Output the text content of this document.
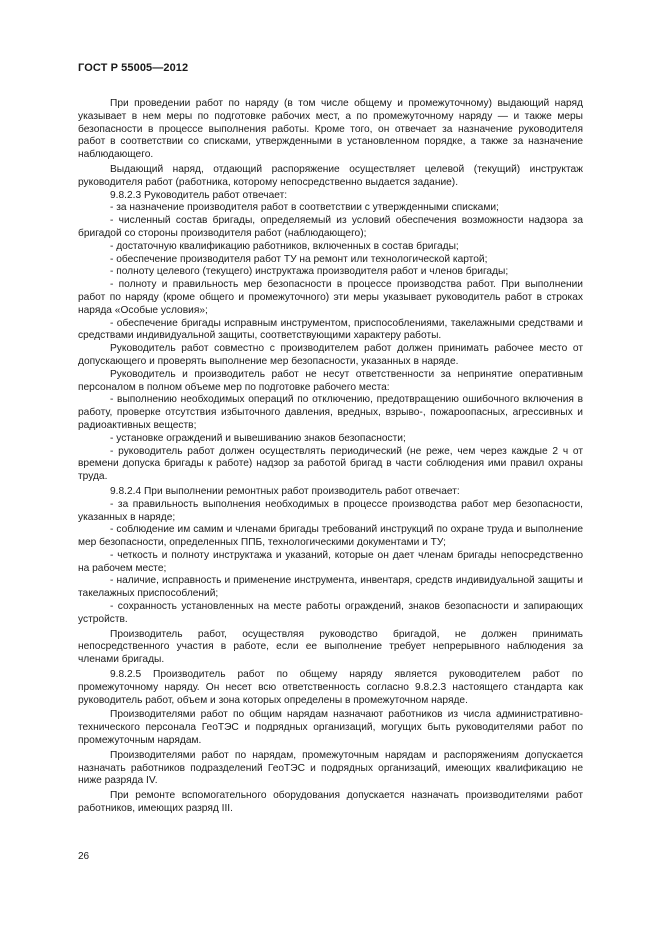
ГОСТ Р 55005—2012

При проведении работ по наряду (в том числе общему и промежуточному) выдающий наряд указывает в нем меры по подготовке рабочих мест, а по промежуточному наряду — и также меры безопасности в процессе выполнения работы. Кроме того, он отвечает за назначение руководителя работ в соответствии со списками, утвержденными в установленном порядке, а также за назначение наблюдающего.

Выдающий наряд, отдающий распоряжение осуществляет целевой (текущий) инструктаж руководителя работ (работника, которому непосредственно выдается задание).

9.8.2.3 Руководитель работ отвечает:

- за назначение производителя работ в соответствии с утвержденными списками;

- численный состав бригады, определяемый из условий обеспечения возможности надзора за бригадой со стороны производителя работ (наблюдающего);

- достаточную квалификацию работников, включенных в состав бригады;

- обеспечение производителя работ ТУ на ремонт или технологической картой;

- полноту целевого (текущего) инструктажа производителя работ и членов бригады;

- полноту и правильность мер безопасности в процессе производства работ. При выполнении работ по наряду (кроме общего и промежуточного) эти меры указывает руководитель работ в строках наряда «Особые условия»;

- обеспечение бригады исправным инструментом, приспособлениями, такелажными средствами и средствами индивидуальной защиты, соответствующими характеру работы.

Руководитель работ совместно с производителем работ должен принимать рабочее место от допускающего и проверять выполнение мер безопасности, указанных в наряде.

Руководитель и производитель работ не несут ответственности за непринятие оперативным персоналом в полном объеме мер по подготовке рабочего места:

- выполнению необходимых операций по отключению, предотвращению ошибочного включения в работу, проверке отсутствия избыточного давления, вредных, взрыво-, пожароопасных, агрессивных и радиоактивных веществ;

- установке ограждений и вывешиванию знаков безопасности;

- руководитель работ должен осуществлять периодический (не реже, чем через каждые 2 ч от времени допуска бригады к работе) надзор за работой бригад в части соблюдения ими правил охраны труда.

9.8.2.4 При выполнении ремонтных работ производитель работ отвечает:

- за правильность выполнения необходимых в процессе производства работ мер безопасности, указанных в наряде;

- соблюдение им самим и членами бригады требований инструкций по охране труда и выполнение мер безопасности, определенных ППБ, технологическими документами и ТУ;

- четкость и полноту инструктажа и указаний, которые он дает членам бригады непосредственно на рабочем месте;

- наличие, исправность и применение инструмента, инвентаря, средств индивидуальной защиты и такелажных приспособлений;

- сохранность установленных на месте работы ограждений, знаков безопасности и запирающих устройств.

Производитель работ, осуществляя руководство бригадой, не должен принимать непосредственного участия в работе, если ее выполнение требует непрерывного наблюдения за членами бригады.

9.8.2.5 Производитель работ по общему наряду является руководителем работ по промежуточному наряду. Он несет всю ответственность согласно 9.8.2.3 настоящего стандарта как руководитель работ, объем и зона которых определены в промежуточном наряде.

Производителями работ по общим нарядам назначают работников из числа административно-технического персонала ГеоТЭС и подрядных организаций, могущих быть руководителями работ по промежуточным нарядам.

Производителями работ по нарядам, промежуточным нарядам и распоряжениям допускается назначать работников подразделений ГеоТЭС и подрядных организаций, имеющих квалификацию не ниже разряда IV.

При ремонте вспомогательного оборудования допускается назначать производителями работ работников, имеющих разряд III.

26
